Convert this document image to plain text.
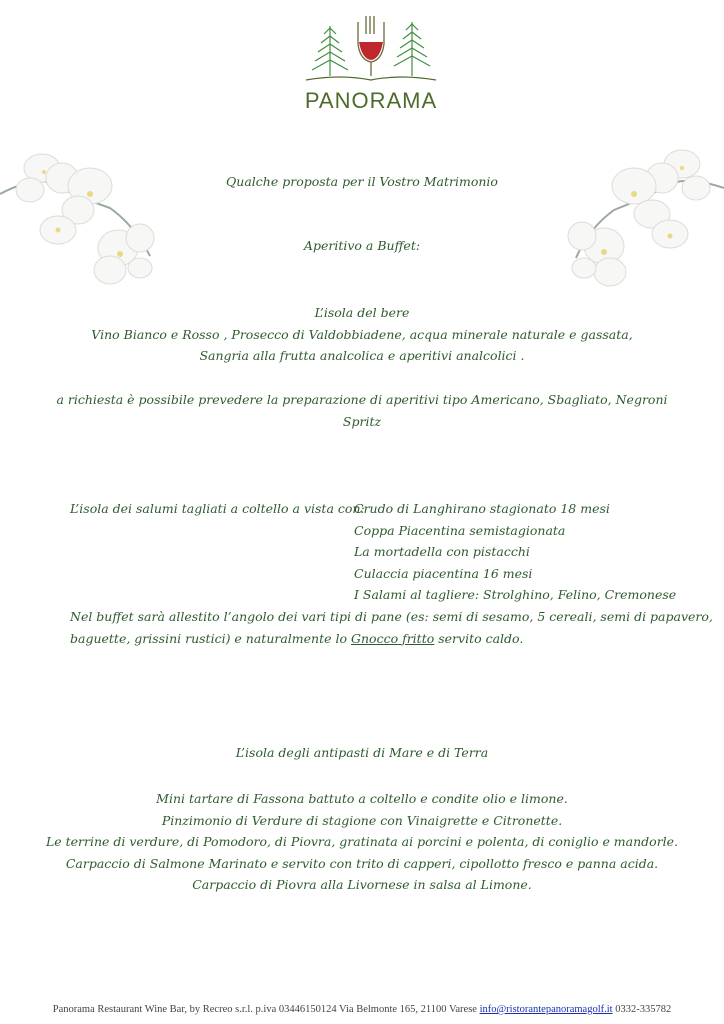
PANORAMA

Qualche proposta per il Vostro Matrimonio

Aperitivo a Buffet:

L’isola del bere
Vino Bianco e Rosso , Prosecco di Valdobbiadene, acqua minerale naturale e gassata,
Sangria alla frutta analcolica e aperitivi analcolici .
a richiesta è possibile prevedere la preparazione di aperitivi tipo Americano, Sbagliato, Negroni
Spritz

L’isola dei salumi tagliati a coltello a vista con:

Crudo di Langhirano stagionato 18 mesi
Coppa Piacentina semistagionata
La mortadella con pistacchi
Culaccia piacentina 16 mesi
I Salami al tagliere: Strolghino, Felino, Cremonese
Nel buffet sarà allestito l’angolo dei vari tipi di pane (es: semi di sesamo, 5 cereali, semi di papavero,
baguette, grissini rustici) e naturalmente lo Gnocco fritto servito caldo.

L’isola degli antipasti di Mare e di Terra

Mini tartare di Fassona battuto a coltello e condite olio e limone.
Pinzimonio di Verdure di stagione con Vinaigrette e Citronette.
Le terrine di verdure, di Pomodoro, di Piovra, gratinata ai porcini e polenta, di coniglio e mandorle.
Carpaccio di Salmone Marinato e servito con trito di capperi, cipollotto fresco e panna acida.
Carpaccio di Piovra alla Livornese in salsa al Limone.
Panorama Restaurant Wine Bar, by Recreo s.r.l. p.iva 03446150124 Via Belmonte 165, 21100 Varese info@ristorantepanoramagolf.it 0332-335782
